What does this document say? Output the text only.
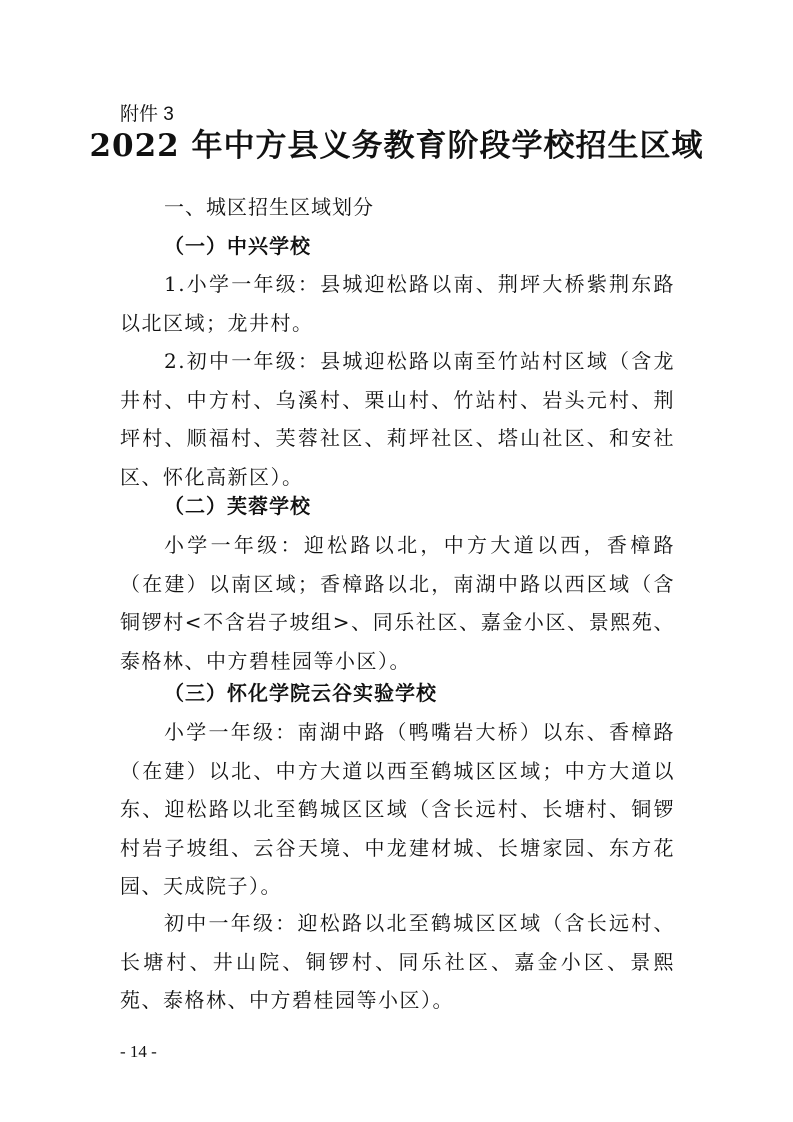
附件 3
2022 年中方县义务教育阶段学校招生区域
一、城区招生区域划分
（一）中兴学校
1.小学一年级：县城迎松路以南、荆坪大桥紫荆东路以北区域；龙井村。
2.初中一年级：县城迎松路以南至竹站村区域（含龙井村、中方村、乌溪村、栗山村、竹站村、岩头元村、荆坪村、顺福村、芙蓉社区、莉坪社区、塔山社区、和安社区、怀化高新区）。
（二）芙蓉学校
小学一年级：迎松路以北，中方大道以西，香樟路（在建）以南区域；香樟路以北，南湖中路以西区域（含铜锣村<不含岩子坡组>、同乐社区、嘉金小区、景熙苑、泰格林、中方碧桂园等小区）。
（三）怀化学院云谷实验学校
小学一年级：南湖中路（鸭嘴岩大桥）以东、香樟路（在建）以北、中方大道以西至鹤城区区域；中方大道以东、迎松路以北至鹤城区区域（含长远村、长塘村、铜锣村岩子坡组、云谷天境、中龙建材城、长塘家园、东方花园、天成院子）。
初中一年级：迎松路以北至鹤城区区域（含长远村、长塘村、井山院、铜锣村、同乐社区、嘉金小区、景熙苑、泰格林、中方碧桂园等小区）。
- 14 -
